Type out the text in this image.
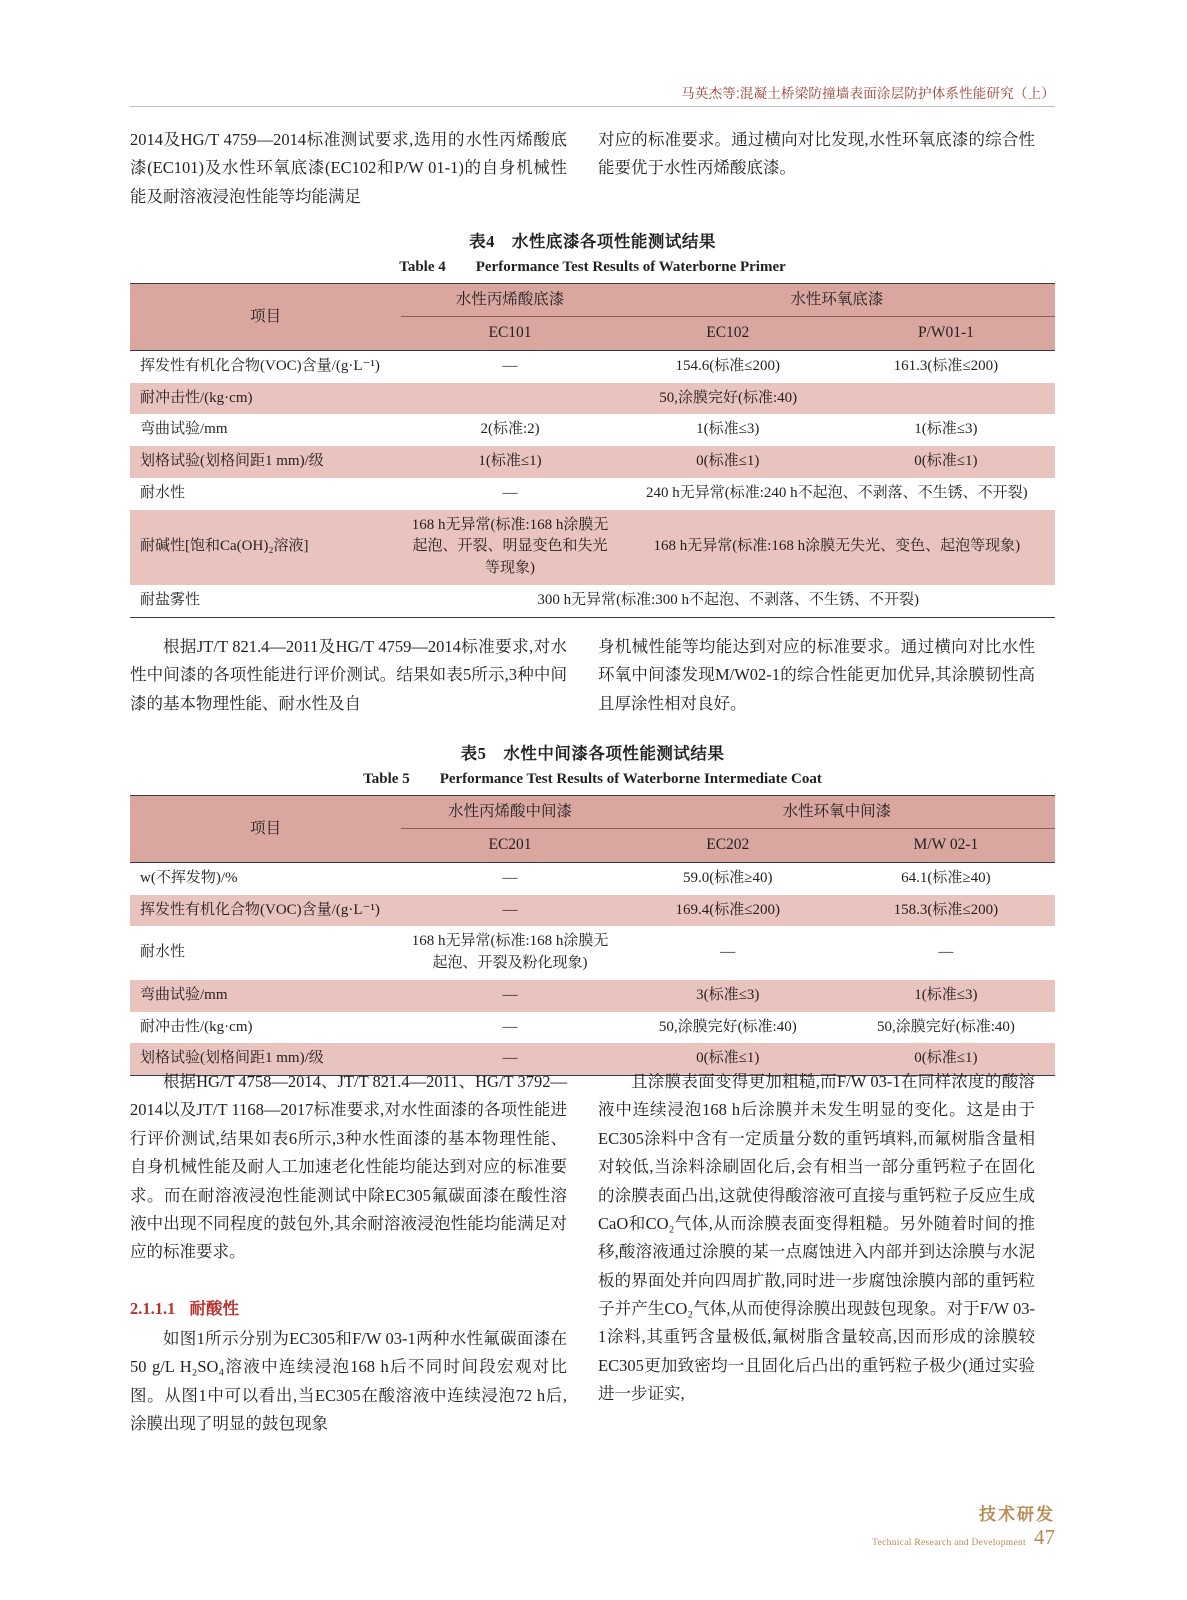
马英杰等:混凝土桥梁防撞墙表面涂层防护体系性能研究（上）
2014及HG/T 4759—2014标准测试要求,选用的水性丙烯酸底漆(EC101)及水性环氧底漆(EC102和P/W 01-1)的自身机械性能及耐溶液浸泡性能等均能满足
对应的标准要求。通过横向对比发现,水性环氧底漆的综合性能要优于水性丙烯酸底漆。
表4　水性底漆各项性能测试结果
Table 4　　Performance Test Results of Waterborne Primer
项目	水性丙烯酸底漆	水性环氧底漆	
	EC101	EC102	P/W01-1
挥发性有机化合物(VOC)含量/(g·L⁻¹)	—	154.6(标准≤200)	161.3(标准≤200)
耐冲击性/(kg·cm)	50,涂膜完好(标准:40)		
弯曲试验/mm	2(标准:2)	1(标准≤3)	1(标准≤3)
划格试验(划格间距1 mm)/级	1(标准≤1)	0(标准≤1)	0(标准≤1)
耐水性	—	240 h无异常(标准:240 h不起泡、不剥落、不生锈、不开裂)	
耐碱性[饱和Ca(OH)₂溶液]	168 h无异常(标准:168 h涂膜无起泡、开裂、明显变色和失光等现象)	168 h无异常(标准:168 h涂膜无失光、变色、起泡等现象)	
耐盐雾性	300 h无异常(标准:300 h不起泡、不剥落、不生锈、不开裂)		
根据JT/T 821.4—2011及HG/T 4759—2014标准要求,对水性中间漆的各项性能进行评价测试。结果如表5所示,3种中间漆的基本物理性能、耐水性及自
身机械性能等均能达到对应的标准要求。通过横向对比水性环氧中间漆发现M/W02-1的综合性能更加优异,其涂膜韧性高且厚涂性相对良好。
表5　水性中间漆各项性能测试结果
Table 5　　Performance Test Results of Waterborne Intermediate Coat
项目	水性丙烯酸中间漆	水性环氧中间漆	
	EC201	EC202	M/W 02-1
w(不挥发物)/%	—	59.0(标准≥40)	64.1(标准≥40)
挥发性有机化合物(VOC)含量/(g·L⁻¹)	—	169.4(标准≤200)	158.3(标准≤200)
耐水性	168 h无异常(标准:168 h涂膜无起泡、开裂及粉化现象)	—	—
弯曲试验/mm	—	3(标准≤3)	1(标准≤3)
耐冲击性/(kg·cm)	—	50,涂膜完好(标准:40)	50,涂膜完好(标准:40)
划格试验(划格间距1 mm)/级	—	0(标准≤1)	0(标准≤1)
根据HG/T 4758—2014、JT/T 821.4—2011、HG/T 3792—2014以及JT/T 1168—2017标准要求,对水性面漆的各项性能进行评价测试,结果如表6所示,3种水性面漆的基本物理性能、自身机械性能及耐人工加速老化性能均能达到对应的标准要求。而在耐溶液浸泡性能测试中除EC305氟碳面漆在酸性溶液中出现不同程度的鼓包外,其余耐溶液浸泡性能均能满足对应的标准要求。
2.1.1.1 耐酸性
如图1所示分别为EC305和F/W 03-1两种水性氟碳面漆在50 g/L H₂SO₄溶液中连续浸泡168 h后不同时间段宏观对比图。从图1中可以看出,当EC305在酸溶液中连续浸泡72 h后,涂膜出现了明显的鼓包现象
且涂膜表面变得更加粗糙,而F/W 03-1在同样浓度的酸溶液中连续浸泡168 h后涂膜并未发生明显的变化。这是由于EC305涂料中含有一定质量分数的重钙填料,而氟树脂含量相对较低,当涂料涂刷固化后,会有相当一部分重钙粒子在固化的涂膜表面凸出,这就使得酸溶液可直接与重钙粒子反应生成CaO和CO₂气体,从而涂膜表面变得粗糙。另外随着时间的推移,酸溶液通过涂膜的某一点腐蚀进入内部并到达涂膜与水泥板的界面处并向四周扩散,同时进一步腐蚀涂膜内部的重钙粒子并产生CO₂气体,从而使得涂膜出现鼓包现象。对于F/W 03-1涂料,其重钙含量极低,氟树脂含量较高,因而形成的涂膜较EC305更加致密均一且固化后凸出的重钙粒子极少(通过实验进一步证实,
技术研发
Technical Research and Development 47
